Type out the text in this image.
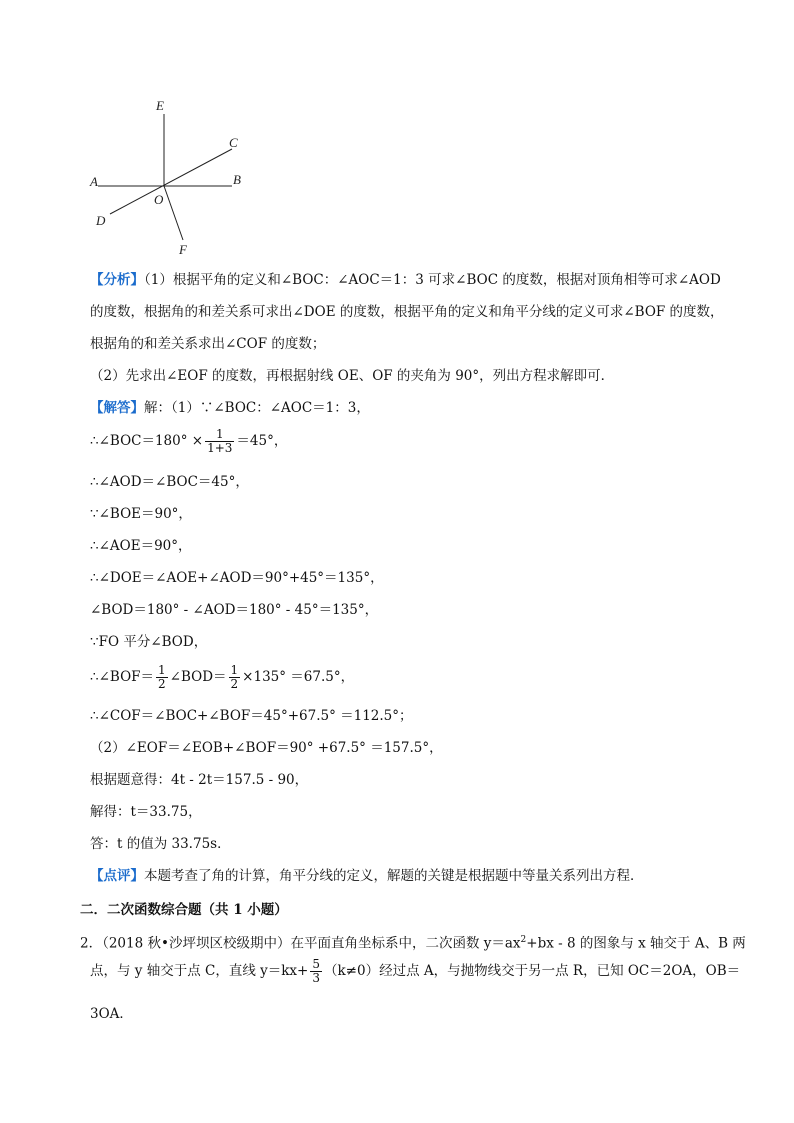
E
C
A	B
O
D
F
【分析】（1）根据平角的定义和∠BOC：∠AOC＝1：3 可求∠BOC 的度数，根据对顶角相等可求∠AOD
的度数，根据角的和差关系可求出∠DOE 的度数，根据平角的定义和角平分线的定义可求∠BOF 的度数，
根据角的和差关系求出∠COF 的度数；
（2）先求出∠EOF 的度数，再根据射线 OE、OF 的夹角为 90°，列出方程求解即可．
【解答】解：（1）∵∠BOC：∠AOC＝1：3，
∴∠BOC＝180° × $\frac{1}{1+3} =45^\circ$，
∴∠AOD＝∠BOC＝45°，
∵∠BOE＝90°，
∴∠AOE＝90°，
∴∠DOE＝∠AOE+∠AOD＝90°+45°＝135°，
∠BOD＝180° - ∠AOD＝180° - 45°＝135°，
∵FO 平分∠BOD，
∴∠BOF＝ $\frac{1}{2}$ ∠BOD＝ $\frac{1}{2} \times 135^\circ =67.5^\circ$，
∴∠COF＝∠BOC+∠BOF＝45°+67.5° ＝112.5°；
（2）∠EOF＝∠EOB+∠BOF＝90° +67.5° ＝157.5°，
根据题意得：4t - 2t＝157.5 - 90，
解得：t＝33.75，
答：t 的值为 33.75s．
【点评】本题考查了角的计算，角平分线的定义，解题的关键是根据题中等量关系列出方程．
二．二次函数综合题（共 1 小题）
2．（2018 秋•沙坪坝区校级期中）在平面直角坐标系中，二次函数 $y=ax^2+bx - 8$ 的图象与 x 轴交于 A、B 两
点，与 y 轴交于点 C，直线 $y=kx+ \frac{5}{3} (k\ne 0)$经过点 A，与抛物线交于另一点 R，已知 OC＝2OA，OB＝
3OA．
